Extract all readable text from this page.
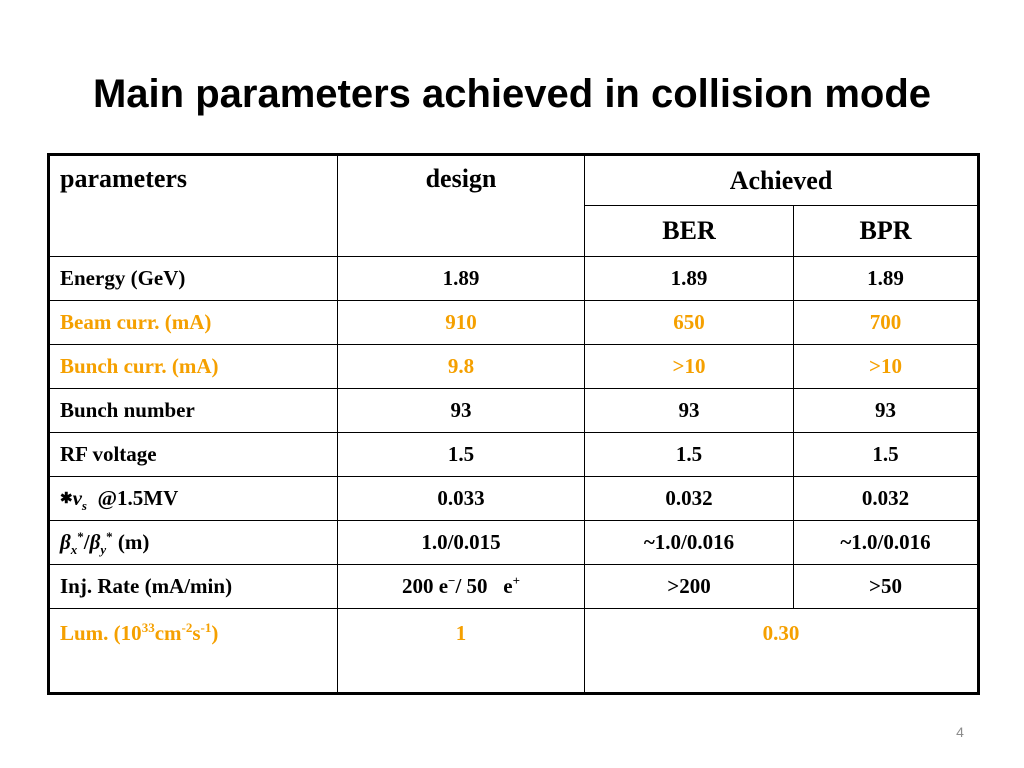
Main parameters achieved in collision mode
parameters	design	Achieved	
		BER	BPR
Energy (GeV)	1.89	1.89	1.89
Beam curr. (mA)	910	650	700
Bunch curr. (mA)	9.8	>10	>10
Bunch number	93	93	93
RF voltage	1.5	1.5	1.5
$✱\nu_s$ @1.5MV	0.033	0.032	0.032
$\beta_x^*/\beta_y^*$ (m)	1.0/0.015	~1.0/0.016	~1.0/0.016
Inj. Rate (mA/min)	200 e−/ 50   e+	>200	>50
Lum. $(10^{33}cm^{-2}s^{-1})$	1	0.30	
4
